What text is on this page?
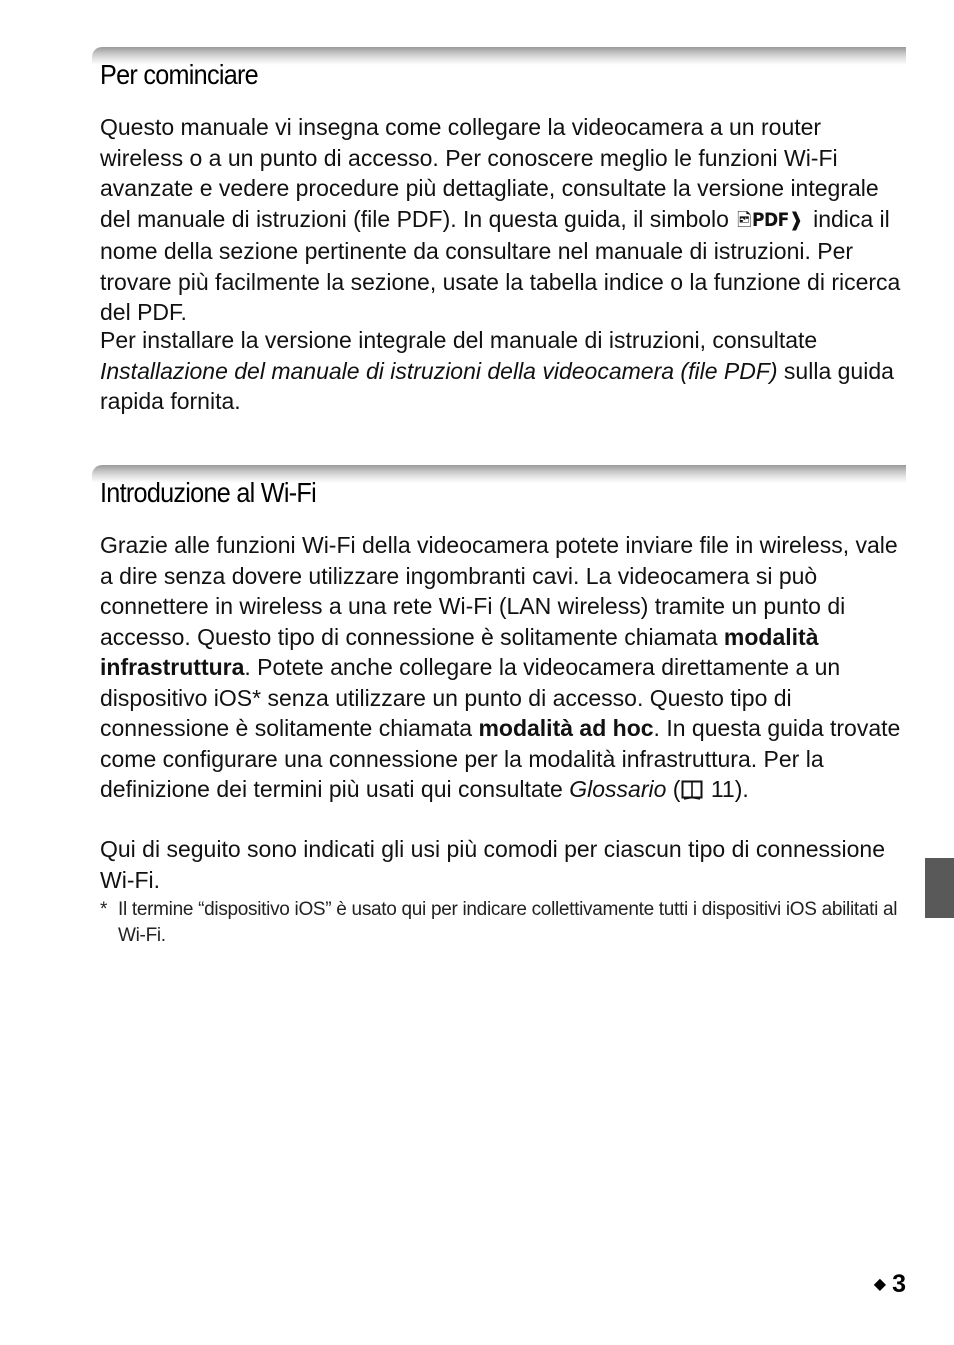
Per cominciare

Questo manuale vi insegna come collegare la videocamera a un router wireless o a un punto di accesso. Per conoscere meglio le funzioni Wi-Fi avanzate e vedere procedure più dettagliate, consultate la versione integrale del manuale di istruzioni (file PDF). In questa guida, il simbolo 🖻PDF❱ indica il nome della sezione pertinente da consultare nel manuale di istruzioni. Per trovare più facilmente la sezione, usate la tabella indice o la funzione di ricerca del PDF.

Per installare la versione integrale del manuale di istruzioni, consultate Installazione del manuale di istruzioni della videocamera (file PDF) sulla guida rapida fornita.

Introduzione al Wi-Fi

Grazie alle funzioni Wi-Fi della videocamera potete inviare file in wireless, vale a dire senza dovere utilizzare ingombranti cavi. La videocamera si può connettere in wireless a una rete Wi-Fi (LAN wireless) tramite un punto di accesso. Questo tipo di connessione è solitamente chiamata modalità infrastruttura. Potete anche collegare la videocamera direttamente a un dispositivo iOS* senza utilizzare un punto di accesso. Questo tipo di connessione è solitamente chiamata modalità ad hoc. In questa guida trovate come configurare una connessione per la modalità infrastruttura. Per la definizione dei termini più usati qui consultate Glossario ( 11).

Qui di seguito sono indicati gli usi più comodi per ciascun tipo di connessione Wi-Fi.

* Il termine “dispositivo iOS” è usato qui per indicare collettivamente tutti i dispositivi iOS abilitati al Wi-Fi.

◆ 3
